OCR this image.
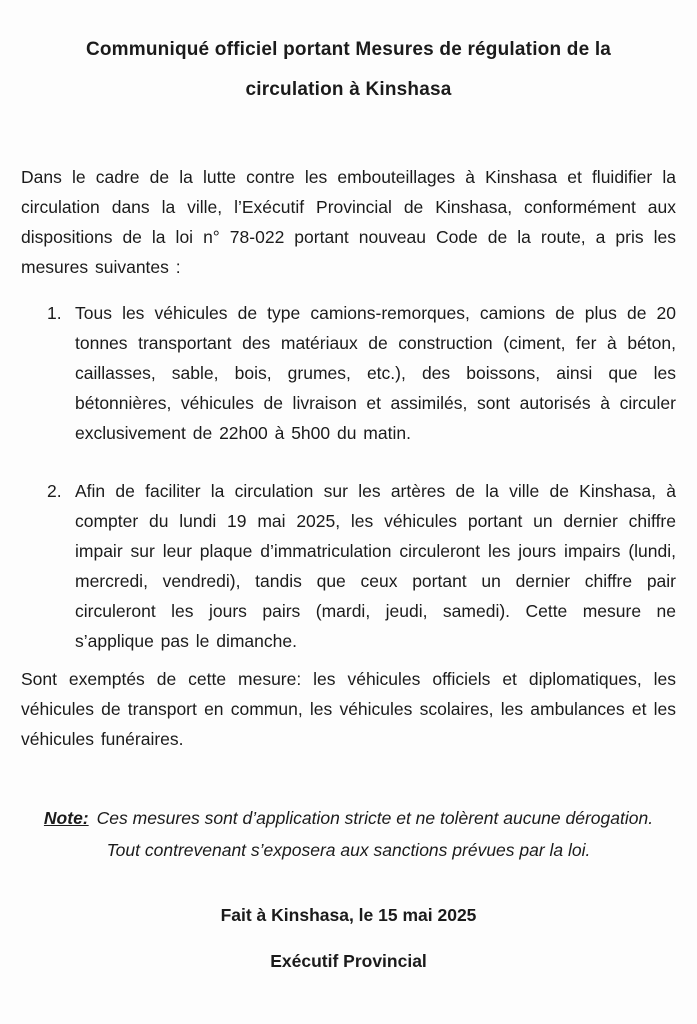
Communiqué officiel portant Mesures de régulation de la
circulation à Kinshasa

Dans le cadre de la lutte contre les embouteillages à Kinshasa et fluidifier la circulation dans la ville, l’Exécutif Provincial de Kinshasa, conformément aux dispositions de la loi n° 78-022 portant nouveau Code de la route, a pris les mesures suivantes :

1. Tous les véhicules de type camions-remorques, camions de plus de 20 tonnes transportant des matériaux de construction (ciment, fer à béton, caillasses, sable, bois, grumes, etc.), des boissons, ainsi que les bétonnières, véhicules de livraison et assimilés, sont autorisés à circuler exclusivement de 22h00 à 5h00 du matin.
2. Afin de faciliter la circulation sur les artères de la ville de Kinshasa, à compter du lundi 19 mai 2025, les véhicules portant un dernier chiffre impair sur leur plaque d’immatriculation circuleront les jours impairs (lundi, mercredi, vendredi), tandis que ceux portant un dernier chiffre pair circuleront les jours pairs (mardi, jeudi, samedi). Cette mesure ne s’applique pas le dimanche.

Sont exemptés de cette mesure: les véhicules officiels et diplomatiques, les véhicules de transport en commun, les véhicules scolaires, les ambulances et les véhicules funéraires.

Note: Ces mesures sont d’application stricte et ne tolèrent aucune dérogation.
Tout contrevenant s’exposera aux sanctions prévues par la loi.

Fait à Kinshasa, le 15 mai 2025

Exécutif Provincial
